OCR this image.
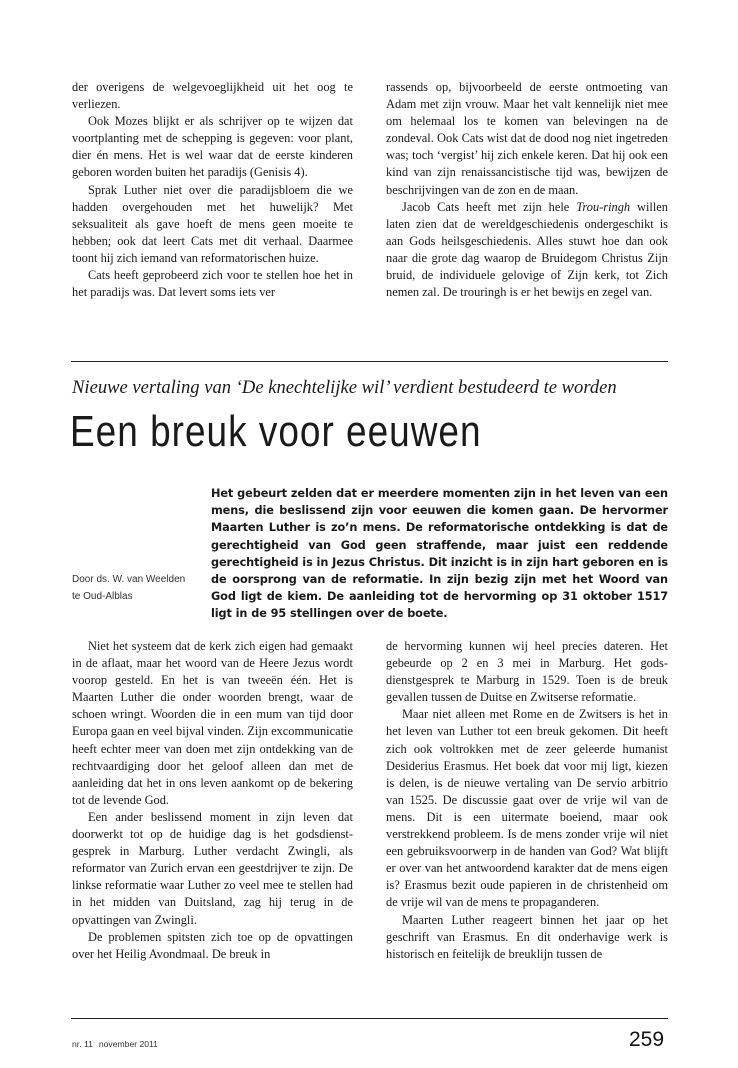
der overigens de welgevoeglijkheid uit het oog te verliezen.

Ook Mozes blijkt er als schrijver op te wijzen dat voortplanting met de schepping is gegeven: voor plant, dier én mens. Het is wel waar dat de eerste kinderen geboren worden buiten het paradijs (Genisis 4).

Sprak Luther niet over die paradijsbloem die we hadden overgehouden met het huwelijk? Met seksualiteit als gave hoeft de mens geen moeite te hebben; ook dat leert Cats met dit verhaal. Daarmee toont hij zich iemand van reformatorischen huize.

Cats heeft geprobeerd zich voor te stellen hoe het in het paradijs was. Dat levert soms iets ver

rassends op, bijvoorbeeld de eerste ontmoeting van Adam met zijn vrouw. Maar het valt kennelijk niet mee om helemaal los te komen van belevingen na de zondeval. Ook Cats wist dat de dood nog niet ingetreden was; toch ‘vergist’ hij zich enkele keren. Dat hij ook een kind van zijn renaissancistische tijd was, bewijzen de beschrijvingen van de zon en de maan.

Jacob Cats heeft met zijn hele Trou-ringh willen laten zien dat de wereldgeschiedenis ondergeschikt is aan Gods heilsgeschiedenis. Alles stuwt hoe dan ook naar die grote dag waarop de Bruidegom Christus Zijn bruid, de individuele gelovige of Zijn kerk, tot Zich nemen zal. De trouringh is er het bewijs en zegel van.

Nieuwe vertaling van ‘De knechtelijke wil’ verdient bestudeerd te worden
Een breuk voor eeuwen
Het gebeurt zelden dat er meerdere momenten zijn in het leven van een mens, die beslissend zijn voor eeuwen die komen gaan. De hervormer Maarten Luther is zo’n mens. De reformatorische ontdekking is dat de gerechtigheid van God geen straffende, maar juist een reddende gerechtigheid is in Jezus Christus. Dit inzicht is in zijn hart geboren en is de oorsprong van de reformatie. In zijn bezig zijn met het Woord van God ligt de kiem. De aanleiding tot de hervorming op 31 oktober 1517 ligt in de 95 stellingen over de boete.
Door ds. W. van Weelden
te Oud-Alblas

Niet het systeem dat de kerk zich eigen had gemaakt in de aflaat, maar het woord van de Heere Jezus wordt voorop gesteld. En het is van tweeën één. Het is Maarten Luther die onder woorden brengt, waar de schoen wringt. Woorden die in een mum van tijd door Europa gaan en veel bijval vinden. Zijn excommunicatie heeft echter meer van doen met zijn ontdekking van de rechtvaardiging door het geloof alleen dan met de aanleiding dat het in ons leven aankomt op de bekering tot de levende God.

Een ander beslissend moment in zijn leven dat doorwerkt tot op de huidige dag is het godsdienstgesprek in Marburg. Luther verdacht Zwingli, als reformator van Zurich ervan een geestdrijver te zijn. De linkse reformatie waar Luther zo veel mee te stellen had in het midden van Duitsland, zag hij terug in de opvattingen van Zwingli.

De problemen spitsten zich toe op de opvattingen over het Heilig Avondmaal. De breuk in

de hervorming kunnen wij heel precies dateren. Het gebeurde op 2 en 3 mei in Marburg. Het godsdienstgesprek te Marburg in 1529. Toen is de breuk gevallen tussen de Duitse en Zwitserse reformatie.

Maar niet alleen met Rome en de Zwitsers is het in het leven van Luther tot een breuk gekomen. Dit heeft zich ook voltrokken met de zeer geleerde humanist Desiderius Erasmus. Het boek dat voor mij ligt, kiezen is delen, is de nieuwe vertaling van De servio arbitrio van 1525. De discussie gaat over de vrije wil van de mens. Dit is een uitermate boeiend, maar ook verstrekkend probleem. Is de mens zonder vrije wil niet een gebruiksvoorwerp in de handen van God? Wat blijft er over van het antwoordend karakter dat de mens eigen is? Erasmus bezit oude papieren in de christenheid om de vrije wil van de mens te propaganderen.

Maarten Luther reageert binnen het jaar op het geschrift van Erasmus. En dit onderhavige werk is historisch en feitelijk de breuklijn tussen de

nr. 11 november 2011	259
